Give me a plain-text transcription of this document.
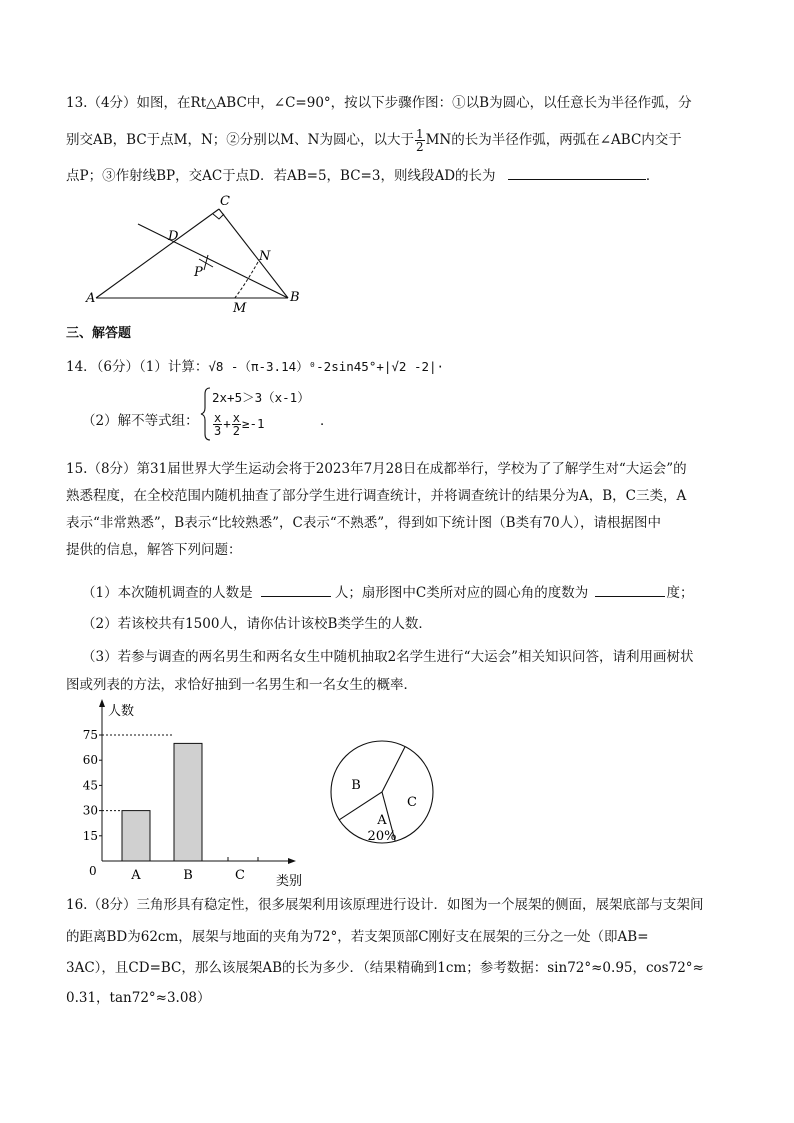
13.（4分）如图，在Rt△ABC中，∠C=90°，按以下步骤作图：①以B为圆心，以任意长为半径作弧，分
别交AB，BC于点M，N；②分别以M、N为圆心，以大于 $\frac{1}{2}$ MN的长为半径作弧，两弧在∠ABC内交于
点P；③作射线BP，交AC于点D．若AB=5，BC=3，则线段AD的长为	．
C
D
P
N
A	B
M
三、解答题
14．（6分）（1）计算：√8 -（π-3.14）⁰-2sin45°+|√2 -2|·
（2）解不等式组：
2x+5＞3（x-1）
$\frac{x}{3} + \frac{x}{2} \ge-1$	．
15.（8分）第31届世界大学生运动会将于2023年7月28日在成都举行，学校为了了解学生对“大运会”的
熟悉程度，在全校范围内随机抽查了部分学生进行调查统计，并将调查统计的结果分为A，B，C三类，A
表示“非常熟悉”，B表示“比较熟悉”，C表示“不熟悉”，得到如下统计图（B类有70人），请根据图中
提供的信息，解答下列问题：
（1）本次随机调查的人数是	人；扇形图中C类所对应的圆心角的度数为	度；
（2）若该校共有1500人，请你估计该校B类学生的人数．
（3）若参与调查的两名男生和两名女生中随机抽取2名学生进行“大运会”相关知识问答，请利用画树状
图或列表的方法，求恰好抽到一名男生和一名女生的概率．
人数
类别
0
15
30
45
60
75
A	B	C
B
C
A
20%
16.（8分）三角形具有稳定性，很多展架利用该原理进行设计．如图为一个展架的侧面，展架底部与支架间
的距离BD为62cm，展架与地面的夹角为72°，若支架顶部C刚好支在展架的三分之一处（即AB=
3AC），且CD=BC，那么该展架AB的长为多少．（结果精确到1cm；参考数据：sin72°≈0.95，cos72°≈
0.31，tan72°≈3.08）
